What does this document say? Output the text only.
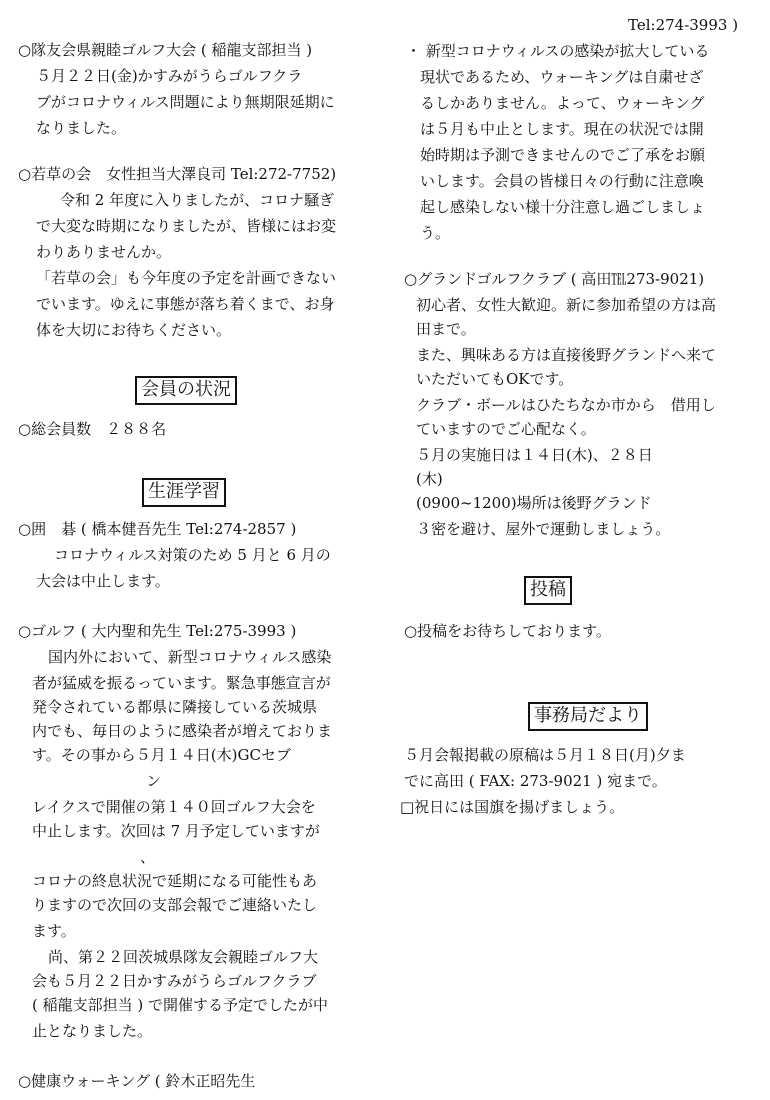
○隊友会県親睦ゴルフ大会 ( 稲龍支部担当 )
５月２２日(金)かすみがうらゴルフクラ
ブがコロナウィルス問題により無期限延期に
なりました。
○若草の会　女性担当大澤良司 Tel:272-7752)
令和 2 年度に入りましたが、コロナ騒ぎ
で大変な時期になりましたが、皆様にはお変
わりありませんか。
「若草の会」も今年度の予定を計画できない
でいます。ゆえに事態が落ち着くまで、お身
体を大切にお待ちください。
会員の状況
○総会員数　２８８名
生涯学習
○囲　碁 ( 橋本健吾先生 Tel:274-2857 )
コロナウィルス対策のため 5 月と 6 月の
大会は中止します。
○ゴルフ ( 大内聖和先生 Tel:275-3993 )
国内外において、新型コロナウィルス感染
者が猛威を振るっています。緊急事態宣言が
発令されている都県に隣接している茨城県
内でも、毎日のように感染者が増えておりま
す。その事から５月１４日(木)GCセブ
ン
レイクスで開催の第１４０回ゴルフ大会を
中止します。次回は 7 月予定していますが
、
コロナの終息状況で延期になる可能性もあ
りますので次回の支部会報でご連絡いたし
ます。
尚、第２２回茨城県隊友会親睦ゴルフ大
会も５月２２日かすみがうらゴルフクラブ
( 稲龍支部担当 ) で開催する予定でしたが中
止となりました。
○健康ウォーキング ( 鈴木正昭先生
Tel:274-3993 )
・ 新型コロナウィルスの感染が拡大している
現状であるため、ウォーキングは自粛せざ
るしかありません。よって、ウォーキング
は５月も中止とします。現在の状況では開
始時期は予測できませんのでご了承をお願
いします。会員の皆様日々の行動に注意喚
起し感染しない様十分注意し過ごしましょ
う。
○グランドゴルフクラブ ( 高田℡273-9021)
初心者、女性大歓迎。新に参加希望の方は高
田まで。
また、興味ある方は直接後野グランドへ来て
いただいてもOKです。
クラブ・ボールはひたちなか市から　借用し
ていますのでご心配なく。
５月の実施日は１４日(木)、２８日
(木)
(0900~1200)場所は後野グランド
３密を避け、屋外で運動しましょう。
投稿
○投稿をお待ちしております。
事務局だより
５月会報掲載の原稿は５月１８日(月)夕ま
でに高田 ( FAX: 273-9021 ) 宛まで。
□祝日には国旗を揚げましょう。
